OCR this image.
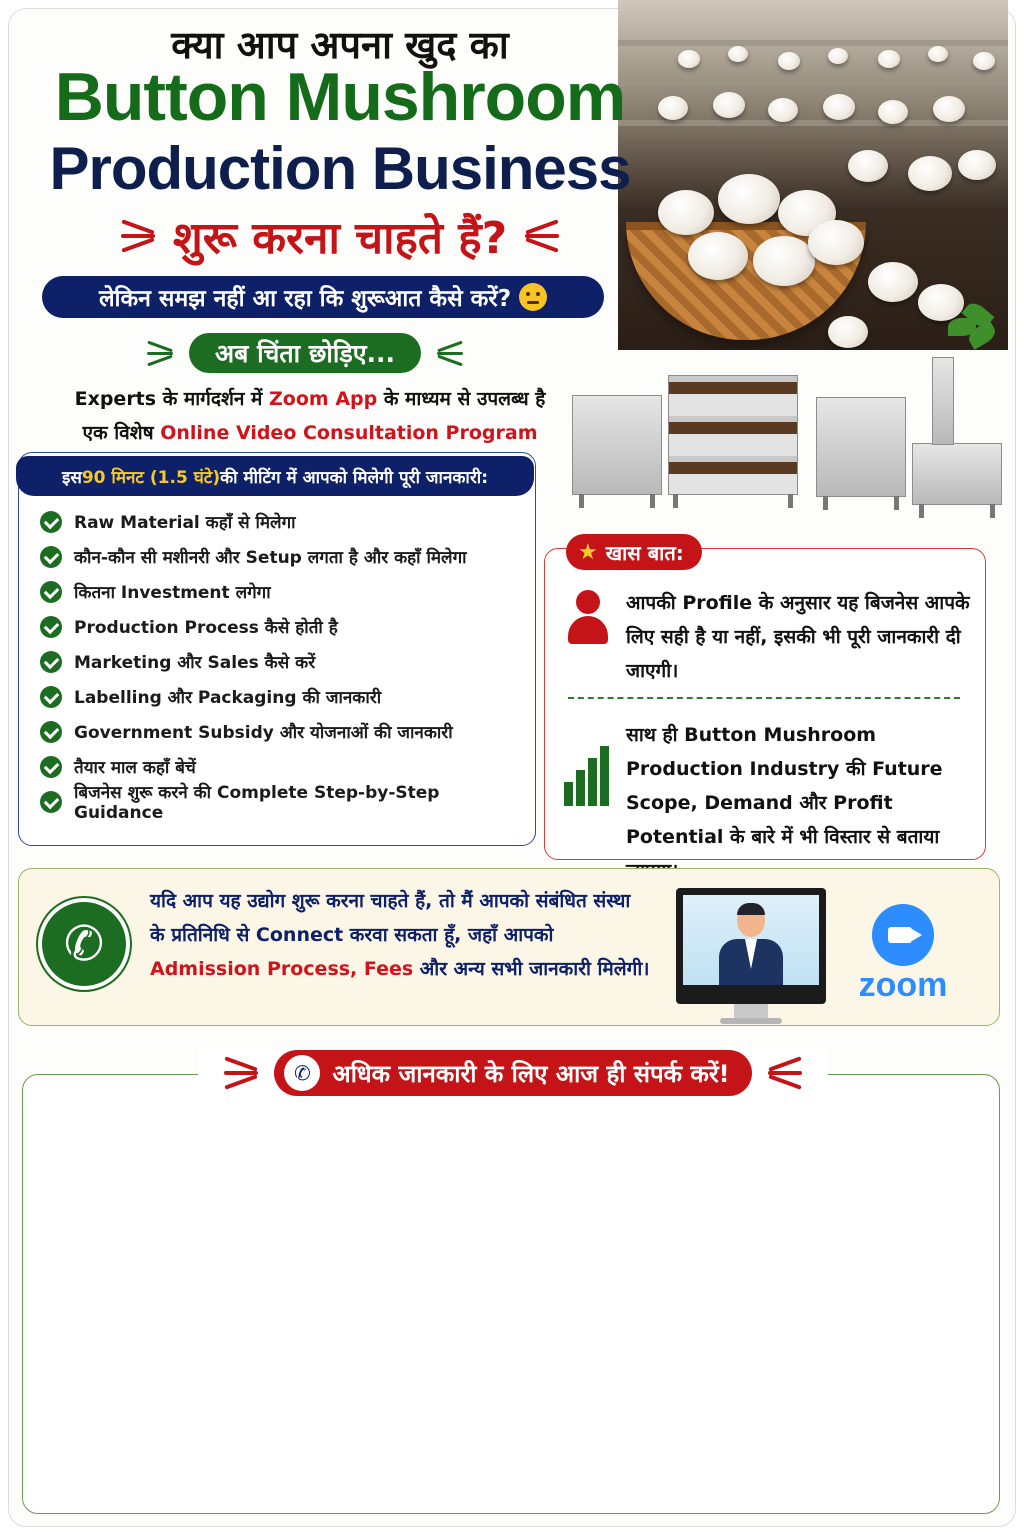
क्या आप अपना खुद का
Button Mushroom
Production Business
शुरू करना चाहते हैं?
लेकिन समझ नहीं आ रहा कि शुरूआत कैसे करें?
अब चिंता छोड़िए...
Experts के मार्गदर्शन में Zoom App के माध्यम से उपलब्ध है
एक विशेष Online Video Consultation Program
इस 90 मिनट (1.5 घंटे) की मीटिंग में आपको मिलेगी पूरी जानकारी:
Raw Material कहाँ से मिलेगा
कौन-कौन सी मशीनरी और Setup लगता है और कहाँ मिलेगा
कितना Investment लगेगा
Production Process कैसे होती है
Marketing और Sales कैसे करें
Labelling और Packaging की जानकारी
Government Subsidy और योजनाओं की जानकारी
तैयार माल कहाँ बेचें
बिजनेस शुरू करने की Complete Step-by-Step Guidance
★ खास बात:
आपकी Profile के अनुसार यह बिजनेस आपके लिए सही है या नहीं, इसकी भी पूरी जानकारी दी जाएगी।
साथ ही Button Mushroom Production Industry की Future Scope, Demand और Profit Potential के बारे में भी विस्तार से बताया
✆
यदि आप यह उद्योग शुरू करना चाहते हैं, तो मैं आपको संबंधित संस्था के प्रतिनिधि से Connect करवा सकता हूँ, जहाँ आपको Admission Process, Fees और अन्य सभी जानकारी मिलेगी।	zoom
✆ अधिक जानकारी के लिए आज ही संपर्क करें!
